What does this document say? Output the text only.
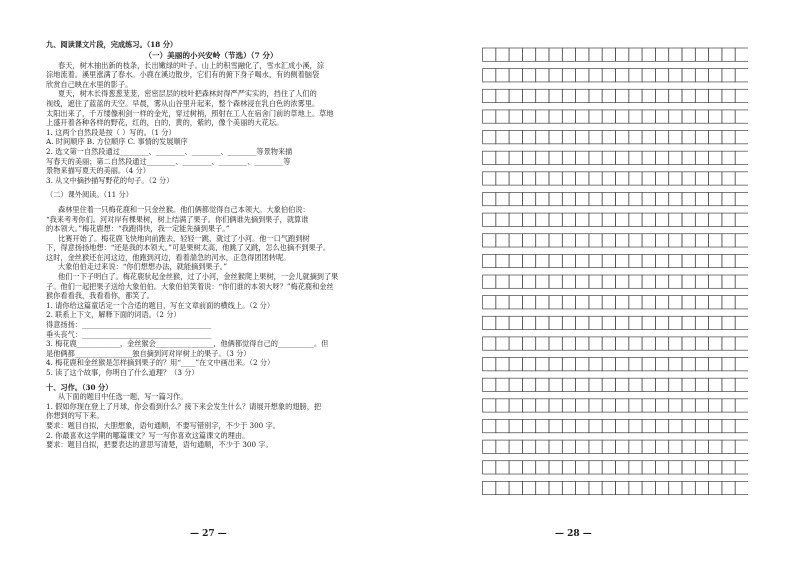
九、阅读课文片段，完成练习。（18 分）
（一）美丽的小兴安岭（节选）（7 分）
春天，树木抽出新的枝条，长出嫩绿的叶子。山上的积雪融化了，雪水汇成小溪，淙
淙地流着。溪里涨满了春水。小鹿在溪边散步，它们有的俯下身子喝水，有的侧着脑袋
欣赏自己映在水里的影子。
夏天，树木长得葱葱茏茏，密密层层的枝叶把森林封得严严实实的，挡住了人们的
视线，遮住了蓝蓝的天空。早晨，雾从山谷里升起来，整个森林浸在乳白色的浓雾里。
太阳出来了，千万缕像利剑一样的金光，穿过树梢，照射在工人在宿舍门前的草地上。草地
上盛开着各种各样的野花，红的，白的，黄的，紫的，像个美丽的大花坛。
1. 这两个自然段是按（ ）写的。（1 分）
A. 时间顺序 B. 方位顺序 C. 事情的发展顺序
2. 选文第一自然段通过________、________、________、________等景物来描
写春天的美丽；第二自然段通过________、________、________、________等
景物来描写夏天的美丽。（4 分）
3. 从文中摘抄描写野花的句子。（2 分）
（二）课外阅读。（11 分）
森林里住着一只梅花鹿和一只金丝猴。他们俩都觉得自己本领大。大象伯伯说：
“我来考考你们。河对岸有棵果树，树上结满了果子。你们俩谁先摘到果子，就算谁
的本领大。”梅花鹿想：“我跑得快，我一定能先摘到果子。”
比赛开始了。梅花鹿飞快地向前跑去，轻轻一跳，就过了小河。他一口气跑到树
下，得意扬扬地想：“还是我的本领大。”可是果树太高，他跳了又跳，怎么也摘不到果子。
这时，金丝猴还在河这边，他跑到河边，看着湍急的河水，正急得团团转呢。
大象伯伯走过来说：“你们想想办法，就能摘到果子。”
他们一下子明白了。梅花鹿驮起金丝猴，过了小河，金丝猴爬上果树，一会儿就摘到了果
子。他们一起把果子送给大象伯伯。大象伯伯笑着说：“你们谁的本领大呀？”梅花鹿和金丝
猴你看看我，我看看你，都笑了。
1. 请你给这篇童话定一个合适的题目，写在文章前面的横线上。（2 分）
2. 联系上下文，解释下面的词语。（2 分）
得意扬扬：____________________________________
垂头丧气：____________________________________
3. 梅花鹿____________，金丝猴会________________，他俩都觉得自己的__________。但
是他俩都________________独自摘到河对岸树上的果子。（3 分）
4. 梅花鹿和金丝猴是怎样摘到果子的？用“____”在文中画出来。（2 分）
5. 读了这个故事，你明白了什么道理？（3 分）
十、习作。（30 分）
从下面的题目中任选一题，写一篇习作。
1. 假如你现在登上了月球，你会看到什么？接下来会发生什么？请展开想象的翅膀，把
你想到的写下来。
要求：题目自拟，大胆想象，语句通顺，不要写错别字，不少于 300 字。
2. 你最喜欢这学期的哪篇课文？写一写你喜欢这篇课文的理由。
要求：题目自拟，把要表达的意思写清楚，语句通顺，不少于 300 字。
— 27 —	— 28 —
